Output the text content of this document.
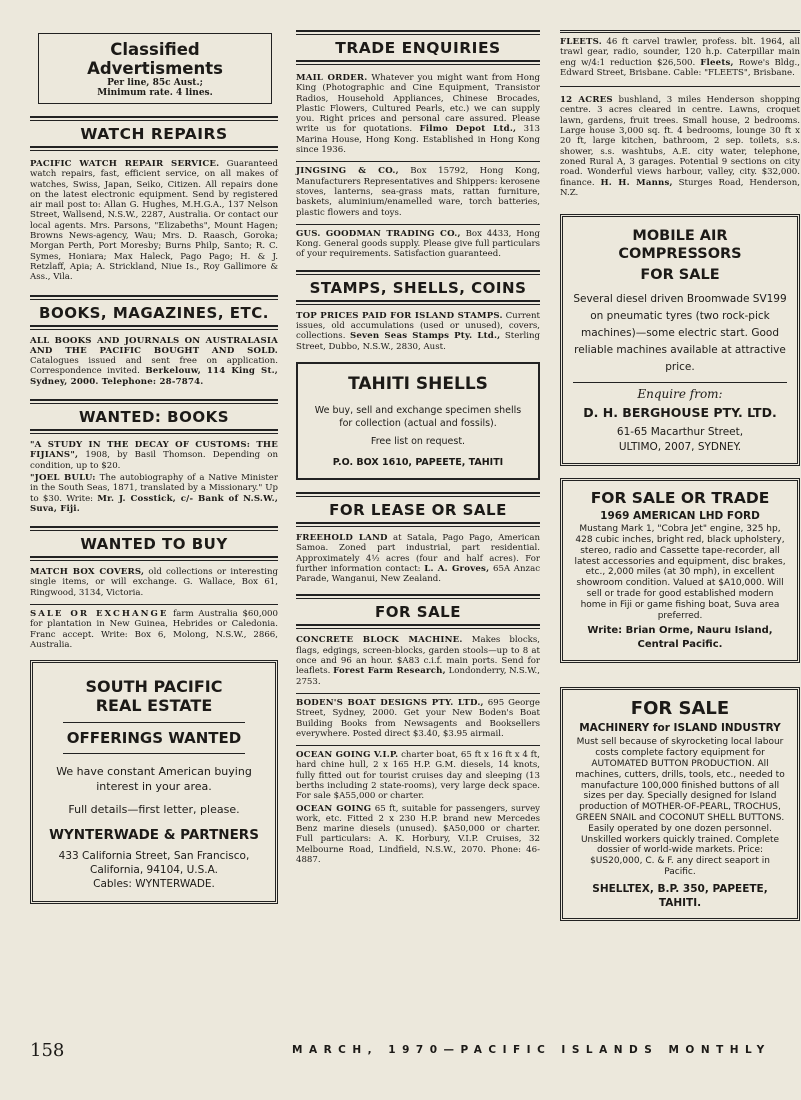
Classified Advertisments
Per line, 85c Aust.;
Minimum rate. 4 lines.
WATCH REPAIRS

PACIFIC WATCH REPAIR SERVICE. Guaranteed watch repairs, fast, efficient service, on all makes of watches, Swiss, Japan, Seiko, Citizen. All repairs done on the latest electronic equipment. Send by registered air mail post to: Allan G. Hughes, M.H.G.A., 137 Nelson Street, Wallsend, N.S.W., 2287, Australia. Or contact our local agents. Mrs. Parsons, "Elizabeths", Mount Hagen; Browns News-agency, Wau; Mrs. D. Raasch, Goroka; Morgan Perth, Port Moresby; Burns Philp, Santo; R. C. Symes, Honiara; Max Haleck, Pago Pago; H. & J. Retzlaff, Apia; A. Strickland, Niue Is., Roy Gallimore & Ass., Vila.

BOOKS, MAGAZINES, ETC.

ALL BOOKS AND JOURNALS ON AUSTRALASIA AND THE PACIFIC BOUGHT AND SOLD. Catalogues issued and sent free on application. Correspondence invited. Berkelouw, 114 King St., Sydney, 2000. Telephone: 28-7874.

WANTED: BOOKS

"A STUDY IN THE DECAY OF CUSTOMS: THE FIJIANS", 1908, by Basil Thomson. Depending on condition, up to $20.

"JOEL BULU: The autobiography of a Native Minister in the South Seas, 1871, translated by a Missionary." Up to $30. Write: Mr. J. Cosstick, c/- Bank of N.S.W., Suva, Fiji.

WANTED TO BUY

MATCH BOX COVERS, old collections or interesting single items, or will exchange. G. Wallace, Box 61, Ringwood, 3134, Victoria.

SALE OR EXCHANGE farm Australia $60,000 for plantation in New Guinea, Hebrides or Caledonia. Franc accept. Write: Box 6, Molong, N.S.W., 2866, Australia.

SOUTH PACIFIC
REAL ESTATE
OFFERINGS WANTED
We have constant American buying interest in your area.
Full details—first letter, please.
WYNTERWADE & PARTNERS
433 California Street, San Francisco,
California, 94104, U.S.A.
Cables: WYNTERWADE.
TRADE ENQUIRIES

MAIL ORDER. Whatever you might want from Hong King (Photographic and Cine Equipment, Transistor Radios, Household Appliances, Chinese Brocades, Plastic Flowers, Cultured Pearls, etc.) we can supply you. Right prices and personal care assured. Please write us for quotations. Filmo Depot Ltd., 313 Marina House, Hong Kong. Established in Hong Kong since 1936.

JINGSING & CO., Box 15792, Hong Kong, Manufacturers Representatives and Shippers: kerosene stoves, lanterns, sea-grass mats, rattan furniture, baskets, aluminium/enamelled ware, torch batteries, plastic flowers and toys.

GUS. GOODMAN TRADING CO., Box 4433, Hong Kong. General goods supply. Please give full particulars of your requirements. Satisfaction guaranteed.

STAMPS, SHELLS, COINS

TOP PRICES PAID FOR ISLAND STAMPS. Current issues, old accumulations (used or unused), covers, collections. Seven Seas Stamps Pty. Ltd., Sterling Street, Dubbo, N.S.W., 2830, Aust.

TAHITI SHELLS
We buy, sell and exchange specimen shells for collection (actual and fossils).
Free list on request.
P.O. BOX 1610, PAPEETE, TAHITI
FOR LEASE OR SALE

FREEHOLD LAND at Satala, Pago Pago, American Samoa. Zoned part industrial, part residential. Approximately 4½ acres (four and half acres). For further information contact: L. A. Groves, 65A Anzac Parade, Wanganui, New Zealand.

FOR SALE

CONCRETE BLOCK MACHINE. Makes blocks, flags, edgings, screen-blocks, garden stools—up to 8 at once and 96 an hour. $A83 c.i.f. main ports. Send for leaflets. Forest Farm Research, Londonderry, N.S.W., 2753.

BODEN'S BOAT DESIGNS PTY. LTD., 695 George Street, Sydney, 2000. Get your New Boden's Boat Building Books from Newsagents and Booksellers everywhere. Posted direct $3.40, $3.95 airmail.

OCEAN GOING V.I.P. charter boat, 65 ft x 16 ft x 4 ft, hard chine hull, 2 x 165 H.P. G.M. diesels, 14 knots, fully fitted out for tourist cruises day and sleeping (13 berths including 2 state-rooms), very large deck space. For sale $A55,000 or charter.

OCEAN GOING 65 ft, suitable for passengers, survey work, etc. Fitted 2 x 230 H.P. brand new Mercedes Benz marine diesels (unused). $A50,000 or charter. Full particulars: A. K. Horbury, V.I.P. Cruises, 32 Melbourne Road, Lindfield, N.S.W., 2070. Phone: 46-4887.

FLEETS. 46 ft carvel trawler, profess. blt. 1964, all trawl gear, radio, sounder, 120 h.p. Caterpillar main eng w/4:1 reduction $26,500. Fleets, Rowe's Bldg., Edward Street, Brisbane. Cable: "FLEETS", Brisbane.

12 ACRES bushland, 3 miles Henderson shopping centre. 3 acres cleared in centre. Lawns, croquet lawn, gardens, fruit trees. Small house, 2 bedrooms. Large house 3,000 sq. ft. 4 bedrooms, lounge 30 ft x 20 ft, large kitchen, bathroom, 2 sep. toilets, s.s. shower, s.s. washtubs, A.E. city water, telephone, zoned Rural A, 3 garages. Potential 9 sections on city road. Wonderful views harbour, valley, city. $32,000. finance. H. H. Manns, Sturges Road, Henderson, N.Z.

MOBILE AIR COMPRESSORS
FOR SALE
Several diesel driven Broomwade SV199 on pneumatic tyres (two rock-pick machines)—some electric start. Good reliable machines available at attractive price.
Enquire from:
D. H. BERGHOUSE PTY. LTD.
61-65 Macarthur Street,
ULTIMO, 2007, SYDNEY.
FOR SALE OR TRADE
1969 AMERICAN LHD FORD
Mustang Mark 1, "Cobra Jet" engine, 325 hp, 428 cubic inches, bright red, black upholstery, stereo, radio and Cassette tape-recorder, all latest accessories and equipment, disc brakes, etc., 2,000 miles (at 30 mph), in excellent showroom condition. Valued at $A10,000. Will sell or trade for good established modern home in Fiji or game fishing boat, Suva area preferred.
Write: Brian Orme, Nauru Island, Central Pacific.
FOR SALE
MACHINERY for ISLAND INDUSTRY
Must sell because of skyrocketing local labour costs complete factory equipment for AUTOMATED BUTTON PRODUCTION. All machines, cutters, drills, tools, etc., needed to manufacture 100,000 finished buttons of all sizes per day. Specially designed for Island production of MOTHER-OF-PEARL, TROCHUS, GREEN SNAIL and COCONUT SHELL BUTTONS. Easily operated by one dozen personnel. Unskilled workers quickly trained. Complete dossier of world-wide markets. Price: $US20,000, C. & F. any direct seaport in Pacific.
SHELLTEX, B.P. 350, PAPEETE, TAHITI.
158	MARCH, 1970—PACIFIC ISLANDS MONTHLY
